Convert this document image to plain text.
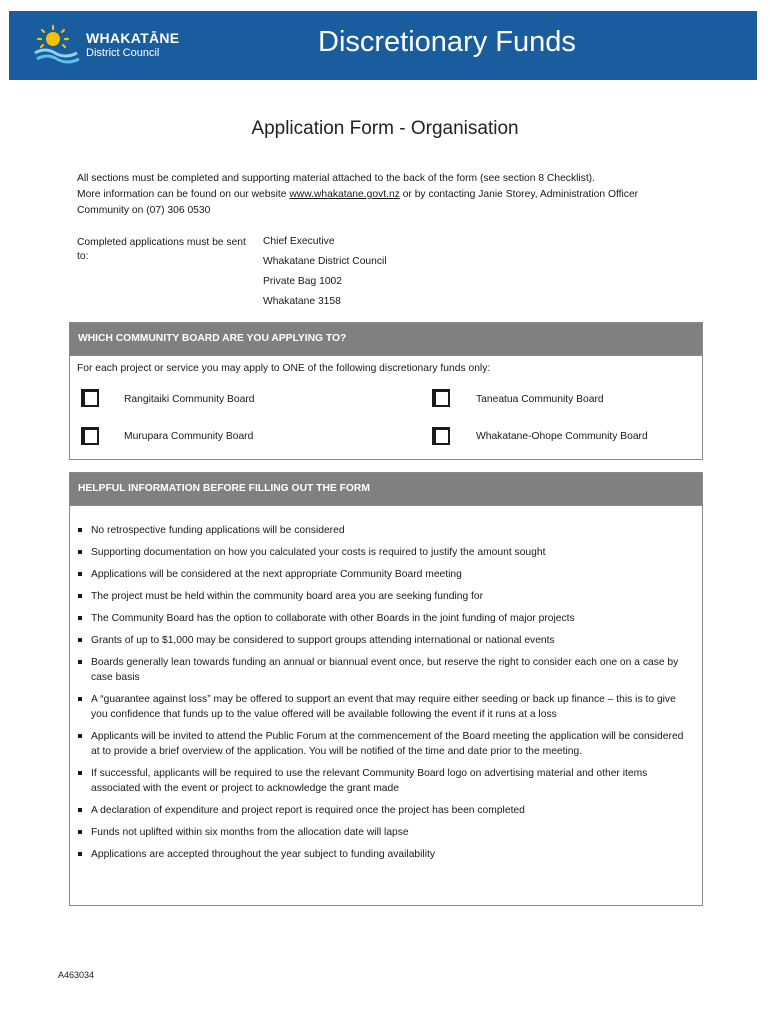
WHAKATĀNE
District Council	Discretionary Funds
Application Form - Organisation
All sections must be completed and supporting material attached to the back of the form (see section 8 Checklist).
More information can be found on our website www.whakatane.govt.nz or by contacting Janie Storey, Administration Officer
Community on (07) 306 0530
Completed applications must be sent to:
Chief Executive
Whakatane District Council
Private Bag 1002
Whakatane 3158
WHICH COMMUNITY BOARD ARE YOU APPLYING TO?
For each project or service you may apply to ONE of the following discretionary funds only:
Rangitaiki Community Board	Taneatua Community Board
Murupara Community Board	Whakatane-Ohope Community Board
HELPFUL INFORMATION BEFORE FILLING OUT THE FORM
No retrospective funding applications will be considered
Supporting documentation on how you calculated your costs is required to justify the amount sought
Applications will be considered at the next appropriate Community Board meeting
The project must be held within the community board area you are seeking funding for
The Community Board has the option to collaborate with other Boards in the joint funding of major projects
Grants of up to $1,000 may be considered to support groups attending international or national events
Boards generally lean towards funding an annual or biannual event once, but reserve the right to consider each one on a case by case basis
A “guarantee against loss” may be offered to support an event that may require either seeding or back up finance – this is to give you confidence that funds up to the value offered will be available following the event if it runs at a loss
Applicants will be invited to attend the Public Forum at the commencement of the Board meeting the application will be considered at to provide a brief overview of the application. You will be notified of the time and date prior to the meeting.
If successful, applicants will be required to use the relevant Community Board logo on advertising material and other items associated with the event or project to acknowledge the grant made
A declaration of expenditure and project report is required once the project has been completed
Funds not uplifted within six months from the allocation date will lapse
Applications are accepted throughout the year subject to funding availability
A463034
